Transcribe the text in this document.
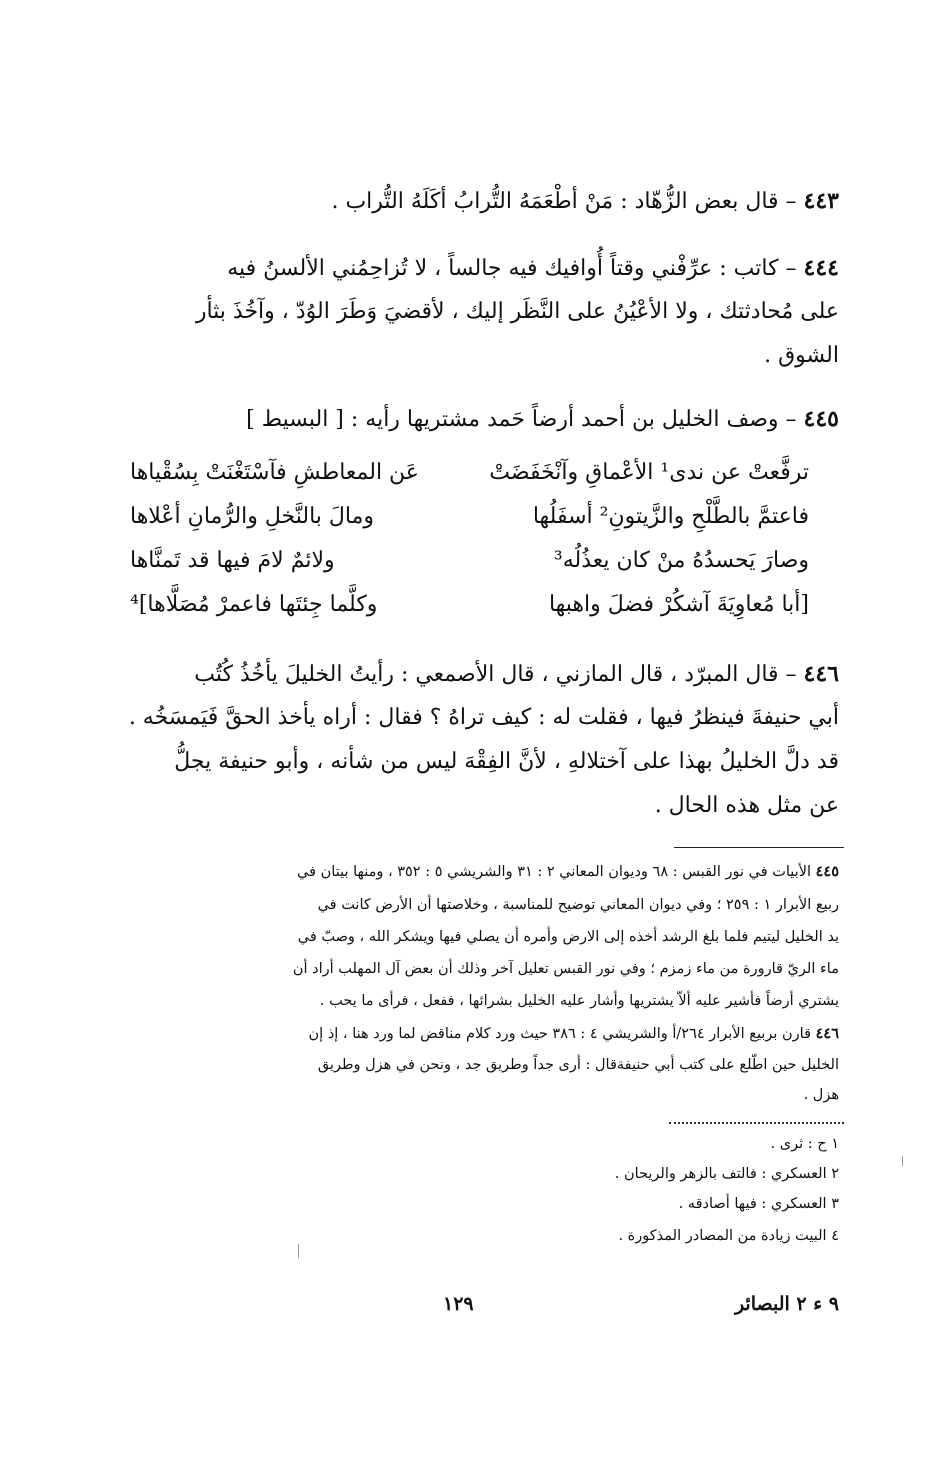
٤٤٣ – قال بعض الزُّهّاد : مَنْ أطْعَمَهُ التُّرابُ أكَلَهُ التُّراب .
٤٤٤ – كاتب : عرِّفْني وقتاً أُوافيك فيه جالساً ، لا تُزاحِمُني الألسنُ فيه
على مُحادثتك ، ولا الأعْيُنُ على النَّظَر إليك ، لأقضيَ وَطَرَ الوُدّ ، وآخُذَ بثأر
الشوق .
٤٤٥ – وصف الخليل بن أحمد أرضاً حَمد مشتريها رأيه : [ البسيط ]
ترفَّعتْ عن ندى¹ الأعْماقِ وآنْخَفَضَتْ
عَن المعاطشِ فآسْتَغْنَتْ بِسُقْياها
فاعتمَّ بالطَّلْحِ والزَّيتونِ² أسفَلُها
ومالَ بالنَّخلِ والرُّمانِ أعْلاها
وصارَ يَحسدُهُ منْ كان يعذُلُه³
ولائمٌ لامَ فيها قد تَمنَّاها
[أبا مُعاوِيَةَ آشكُرْ فضلَ واهبها
وكلَّما جِئتَها فاعمرْ مُصَلَّاها]⁴
٤٤٦ – قال المبرّد ، قال المازني ، قال الأصمعي : رأيتُ الخليلَ يأخُذُ كُتُب
أبي حنيفةَ فينظرُ فيها ، فقلت له : كيف تراهُ ؟ فقال : أراه يأخذ الحقَّ فَيَمسَخُه .
قد دلَّ الخليلُ بهذا على آختلالهِ ، لأنَّ الفِقْهَ ليس من شأنه ، وأبو حنيفة يجلُّ
عن مثل هذه الحال .
٤٤٥ الأبيات في نور القبس : ٦٨ وديوان المعاني ٢ : ٣١ والشريشي ٥ : ٣٥٢ ، ومنها بيتان في
ربيع الأبرار ١ : ٢٥٩ ؛ وفي ديوان المعاني توضيح للمناسبة ، وخلاصتها أن الأرض كانت في
يد الخليل ليتيم فلما بلغ الرشد أخذه إلى الارض وأمره أن يصلي فيها ويشكر الله ، وصبّ في
ماء الريّ قارورة من ماء زمزم ؛ وفي نور القبس تعليل آخر وذلك أن بعض آل المهلب أراد أن
يشتري أرضاً فأشير عليه ألاّ يشتريها وأشار عليه الخليل بشرائها ، ففعل ، فرأى ما يحب .
٤٤٦ قارن بربيع الأبرار ٢٦٤/أ والشريشي ٤ : ٣٨٦ حيث ورد كلام مناقض لما ورد هنا ، إذ إن
الخليل حين اطّلع على كتب أبي حنيفةقال : أرى جداً وطريق جد ، ونحن في هزل وطريق
هزل .
١ ح : ثرى .
٢ العسكري : فالتف بالزهر والريحان .
٣ العسكري : فيها أصادقه .
٤ البيت زيادة من المصادر المذكورة .
٩ ء ٢ البصائر
١٢٩
